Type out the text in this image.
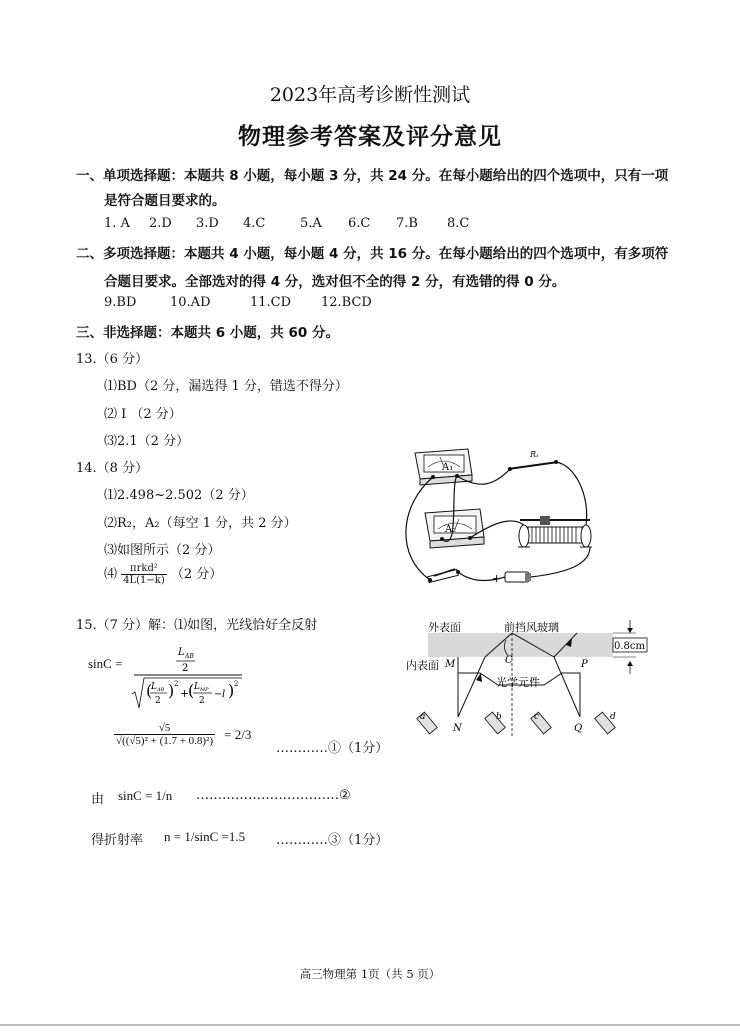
2023年高考诊断性测试
物理参考答案及评分意见
一、单项选择题：本题共 8 小题，每小题 3 分，共 24 分。在每小题给出的四个选项中，只有一项
是符合题目要求的。
1. A 2.D 3.D 4.C	5.A 6.C 7.B 8.C
二、多项选择题：本题共 4 小题，每小题 4 分，共 16 分。在每小题给出的四个选项中，有多项符
合题目要求。全部选对的得 4 分，选对但不全的得 2 分，有选错的得 0 分。
9.BD	10.AD	11.CD 12.BCD
三、非选择题：本题共 6 小题，共 60 分。
13.（6 分）
⑴BD（2 分，漏选得 1 分，错选不得分）
⑵ I （2 分）
⑶2.1（2 分）
14.（8 分）
⑴2.498~2.502（2 分）
⑵R₂，A₂（每空 1 分，共 2 分）
⑶如图所示（2 分）
⑷ $\frac{\text{πrkd²}}{4L(1-k)} (2$ 分）
A₁
A₂
Rₓ
+
15.（7 分）解：⑴如图，光线恰好全反射
sinC =
L AB
2
(
L AB
2
) 2
+
( L MP
2
− l ) 2
$\frac{√5}{\text{√((√5)² + (1.7 + 0.8)²)}} = 2/3$
…………①（1分）
由 sinC = 1/n ……………………………②
得折射率 n = 1/sinC =1.5 …………③（1分）
外表面	前挡风玻璃
0.8cm
内表面 M	C	P
光学元件
N	Q
a	b	c	d
高三物理第 1页（共 5 页）
